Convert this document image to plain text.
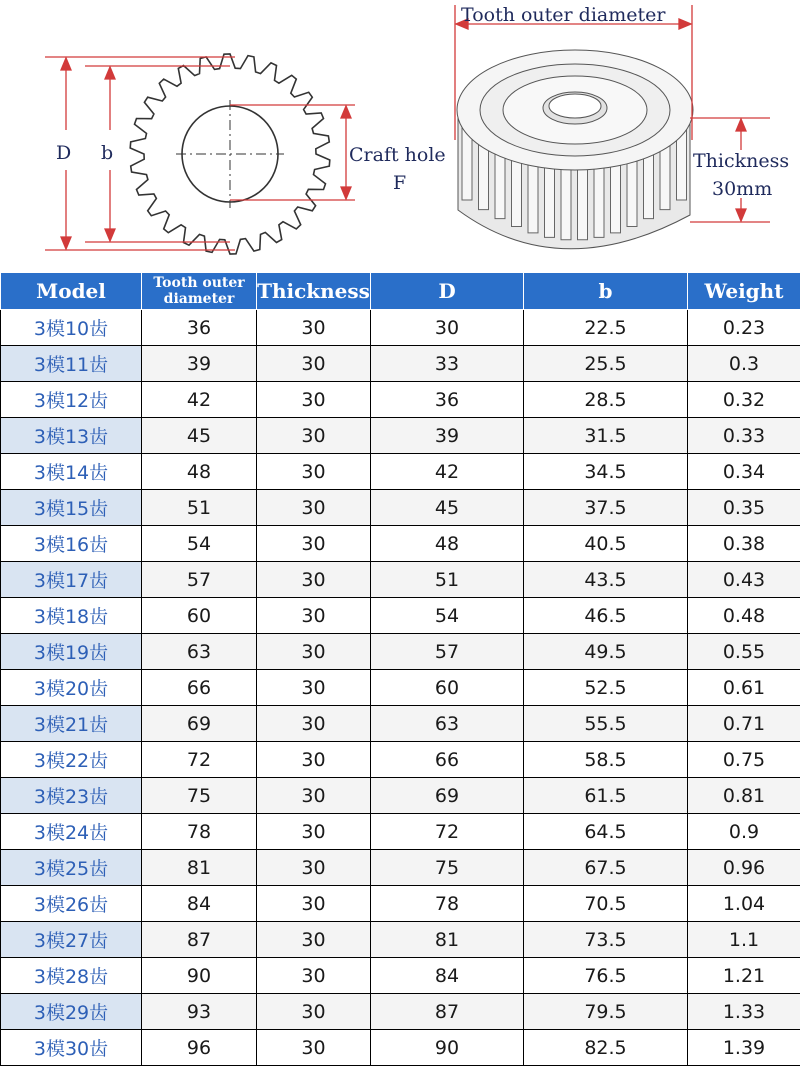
Tooth outer diameter
D b	Craft hole
F
Thickness
30mm
Model	Tooth outer diameter	Thickness	D	b	Weight
3模10齿	36	30	30	22.5	0.23
3模11齿	39	30	33	25.5	0.3
3模12齿	42	30	36	28.5	0.32
3模13齿	45	30	39	31.5	0.33
3模14齿	48	30	42	34.5	0.34
3模15齿	51	30	45	37.5	0.35
3模16齿	54	30	48	40.5	0.38
3模17齿	57	30	51	43.5	0.43
3模18齿	60	30	54	46.5	0.48
3模19齿	63	30	57	49.5	0.55
3模20齿	66	30	60	52.5	0.61
3模21齿	69	30	63	55.5	0.71
3模22齿	72	30	66	58.5	0.75
3模23齿	75	30	69	61.5	0.81
3模24齿	78	30	72	64.5	0.9
3模25齿	81	30	75	67.5	0.96
3模26齿	84	30	78	70.5	1.04
3模27齿	87	30	81	73.5	1.1
3模28齿	90	30	84	76.5	1.21
3模29齿	93	30	87	79.5	1.33
3模30齿	96	30	90	82.5	1.39
